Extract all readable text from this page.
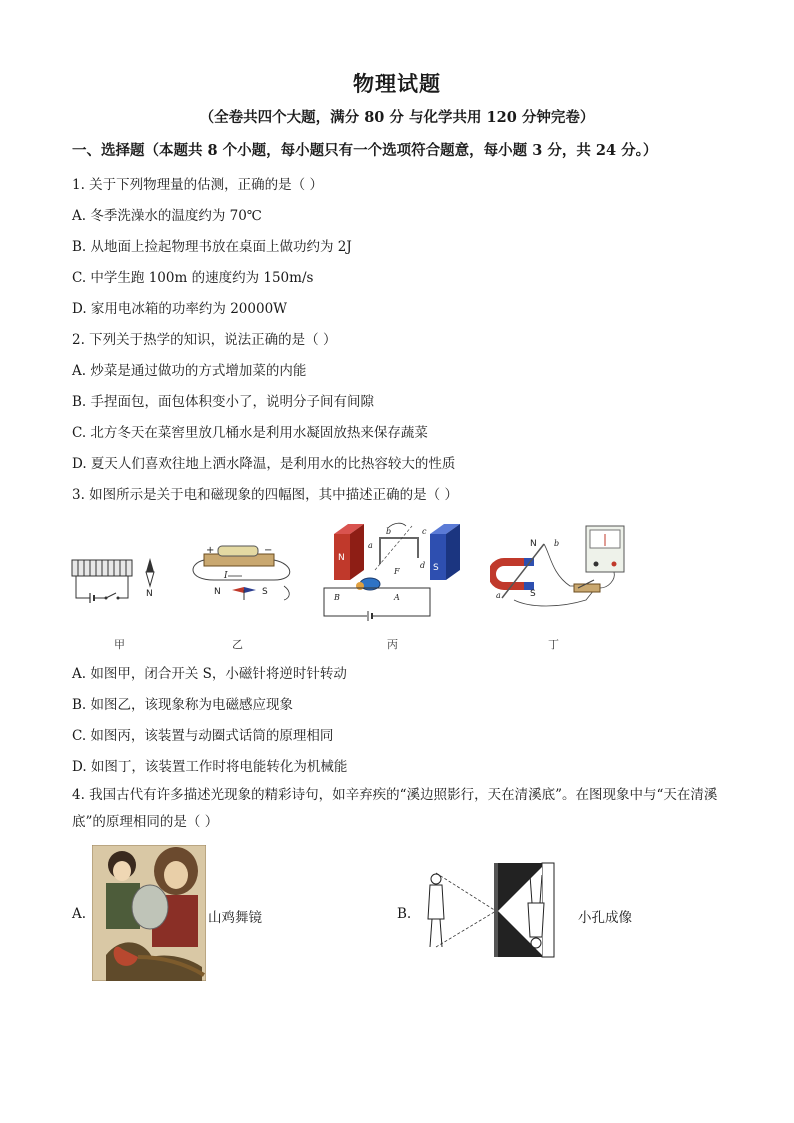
物理试题
（全卷共四个大题，满分 80 分 与化学共用 120 分钟完卷）
一、选择题（本题共 8 个小题，每小题只有一个选项符合题意，每小题 3 分，共 24 分。）
1. 关于下列物理量的估测，正确的是（ ）
A. 冬季洗澡水的温度约为 70℃
B. 从地面上捡起物理书放在桌面上做功约为 2J
C. 中学生跑 100m 的速度约为 150m/s
D. 家用电冰箱的功率约为 20000W
2. 下列关于热学的知识，说法正确的是（ ）
A. 炒菜是通过做功的方式增加菜的内能
B. 手捏面包，面包体积变小了，说明分子间有间隙
C. 北方冬天在菜窖里放几桶水是利用水凝固放热来保存蔬菜
D. 夏天人们喜欢往地上洒水降温，是利用水的比热容较大的性质
3. 如图所示是关于电和磁现象的四幅图，其中描述正确的是（ ）
N
甲
+	−
I
N	S
乙
N
S
b	c
d
a
F
B	A
丙
N
S
a
b
丁
A. 如图甲，闭合开关 S，小磁针将逆时针转动
B. 如图乙，该现象称为电磁感应现象
C. 如图丙，该装置与动圈式话筒的原理相同
D. 如图丁，该装置工作时将电能转化为机械能
4. 我国古代有许多描述光现象的精彩诗句，如辛弃疾的“溪边照影行，天在清溪底”。在图现象中与“天在清溪底”的原理相同的是（ ）
A.	山鸡舞镜	B.	小孔成像
